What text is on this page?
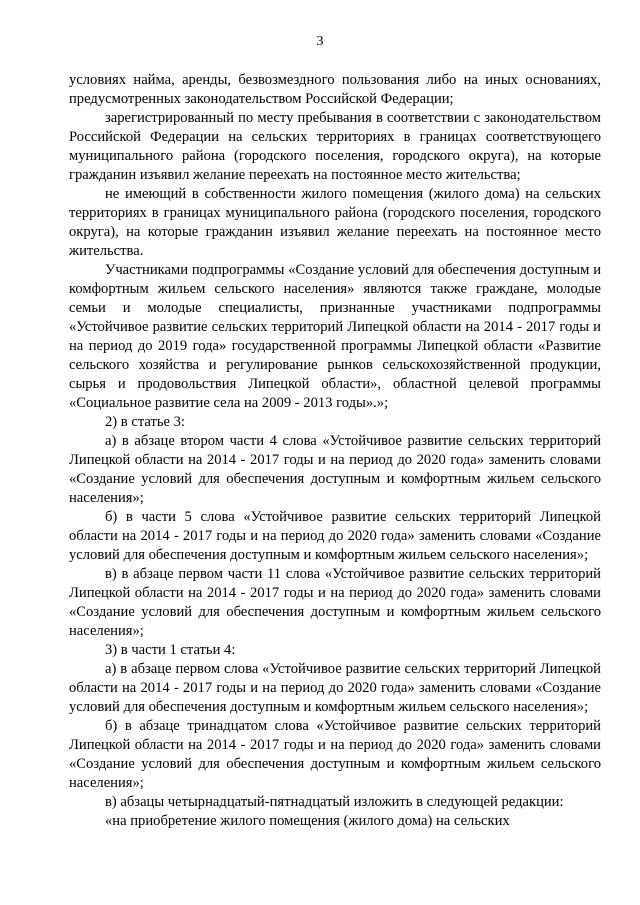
3

условиях найма, аренды, безвозмездного пользования либо на иных основаниях, предусмотренных законодательством Российской Федерации;

зарегистрированный по месту пребывания в соответствии с законодательством Российской Федерации на сельских территориях в границах соответствующего муниципального района (городского поселения, городского округа), на которые гражданин изъявил желание переехать на постоянное место жительства;

не имеющий в собственности жилого помещения (жилого дома) на сельских территориях в границах муниципального района (городского поселения, городского округа), на которые гражданин изъявил желание переехать на постоянное место жительства.

Участниками подпрограммы «Создание условий для обеспечения доступным и комфортным жильем сельского населения» являются также граждане, молодые семьи и молодые специалисты, признанные участниками подпрограммы «Устойчивое развитие сельских территорий Липецкой области на 2014 - 2017 годы и на период до 2019 года» государственной программы Липецкой области «Развитие сельского хозяйства и регулирование рынков сельскохозяйственной продукции, сырья и продовольствия Липецкой области», областной целевой программы «Социальное развитие села на 2009 - 2013 годы».»;

2) в статье 3:

а) в абзаце втором части 4 слова «Устойчивое развитие сельских территорий Липецкой области на 2014 - 2017 годы и на период до 2020 года» заменить словами «Создание условий для обеспечения доступным и комфортным жильем сельского населения»;

б) в части 5 слова «Устойчивое развитие сельских территорий Липецкой области на 2014 - 2017 годы и на период до 2020 года» заменить словами «Создание условий для обеспечения доступным и комфортным жильем сельского населения»;

в) в абзаце первом части 11 слова «Устойчивое развитие сельских территорий Липецкой области на 2014 - 2017 годы и на период до 2020 года» заменить словами «Создание условий для обеспечения доступным и комфортным жильем сельского населения»;

3) в части 1 статьи 4:

а) в абзаце первом слова «Устойчивое развитие сельских территорий Липецкой области на 2014 - 2017 годы и на период до 2020 года» заменить словами «Создание условий для обеспечения доступным и комфортным жильем сельского населения»;

б) в абзаце тринадцатом слова «Устойчивое развитие сельских территорий Липецкой области на 2014 - 2017 годы и на период до 2020 года» заменить словами «Создание условий для обеспечения доступным и комфортным жильем сельского населения»;

в) абзацы четырнадцатый-пятнадцатый изложить в следующей редакции:

«на приобретение жилого помещения (жилого дома) на сельских
